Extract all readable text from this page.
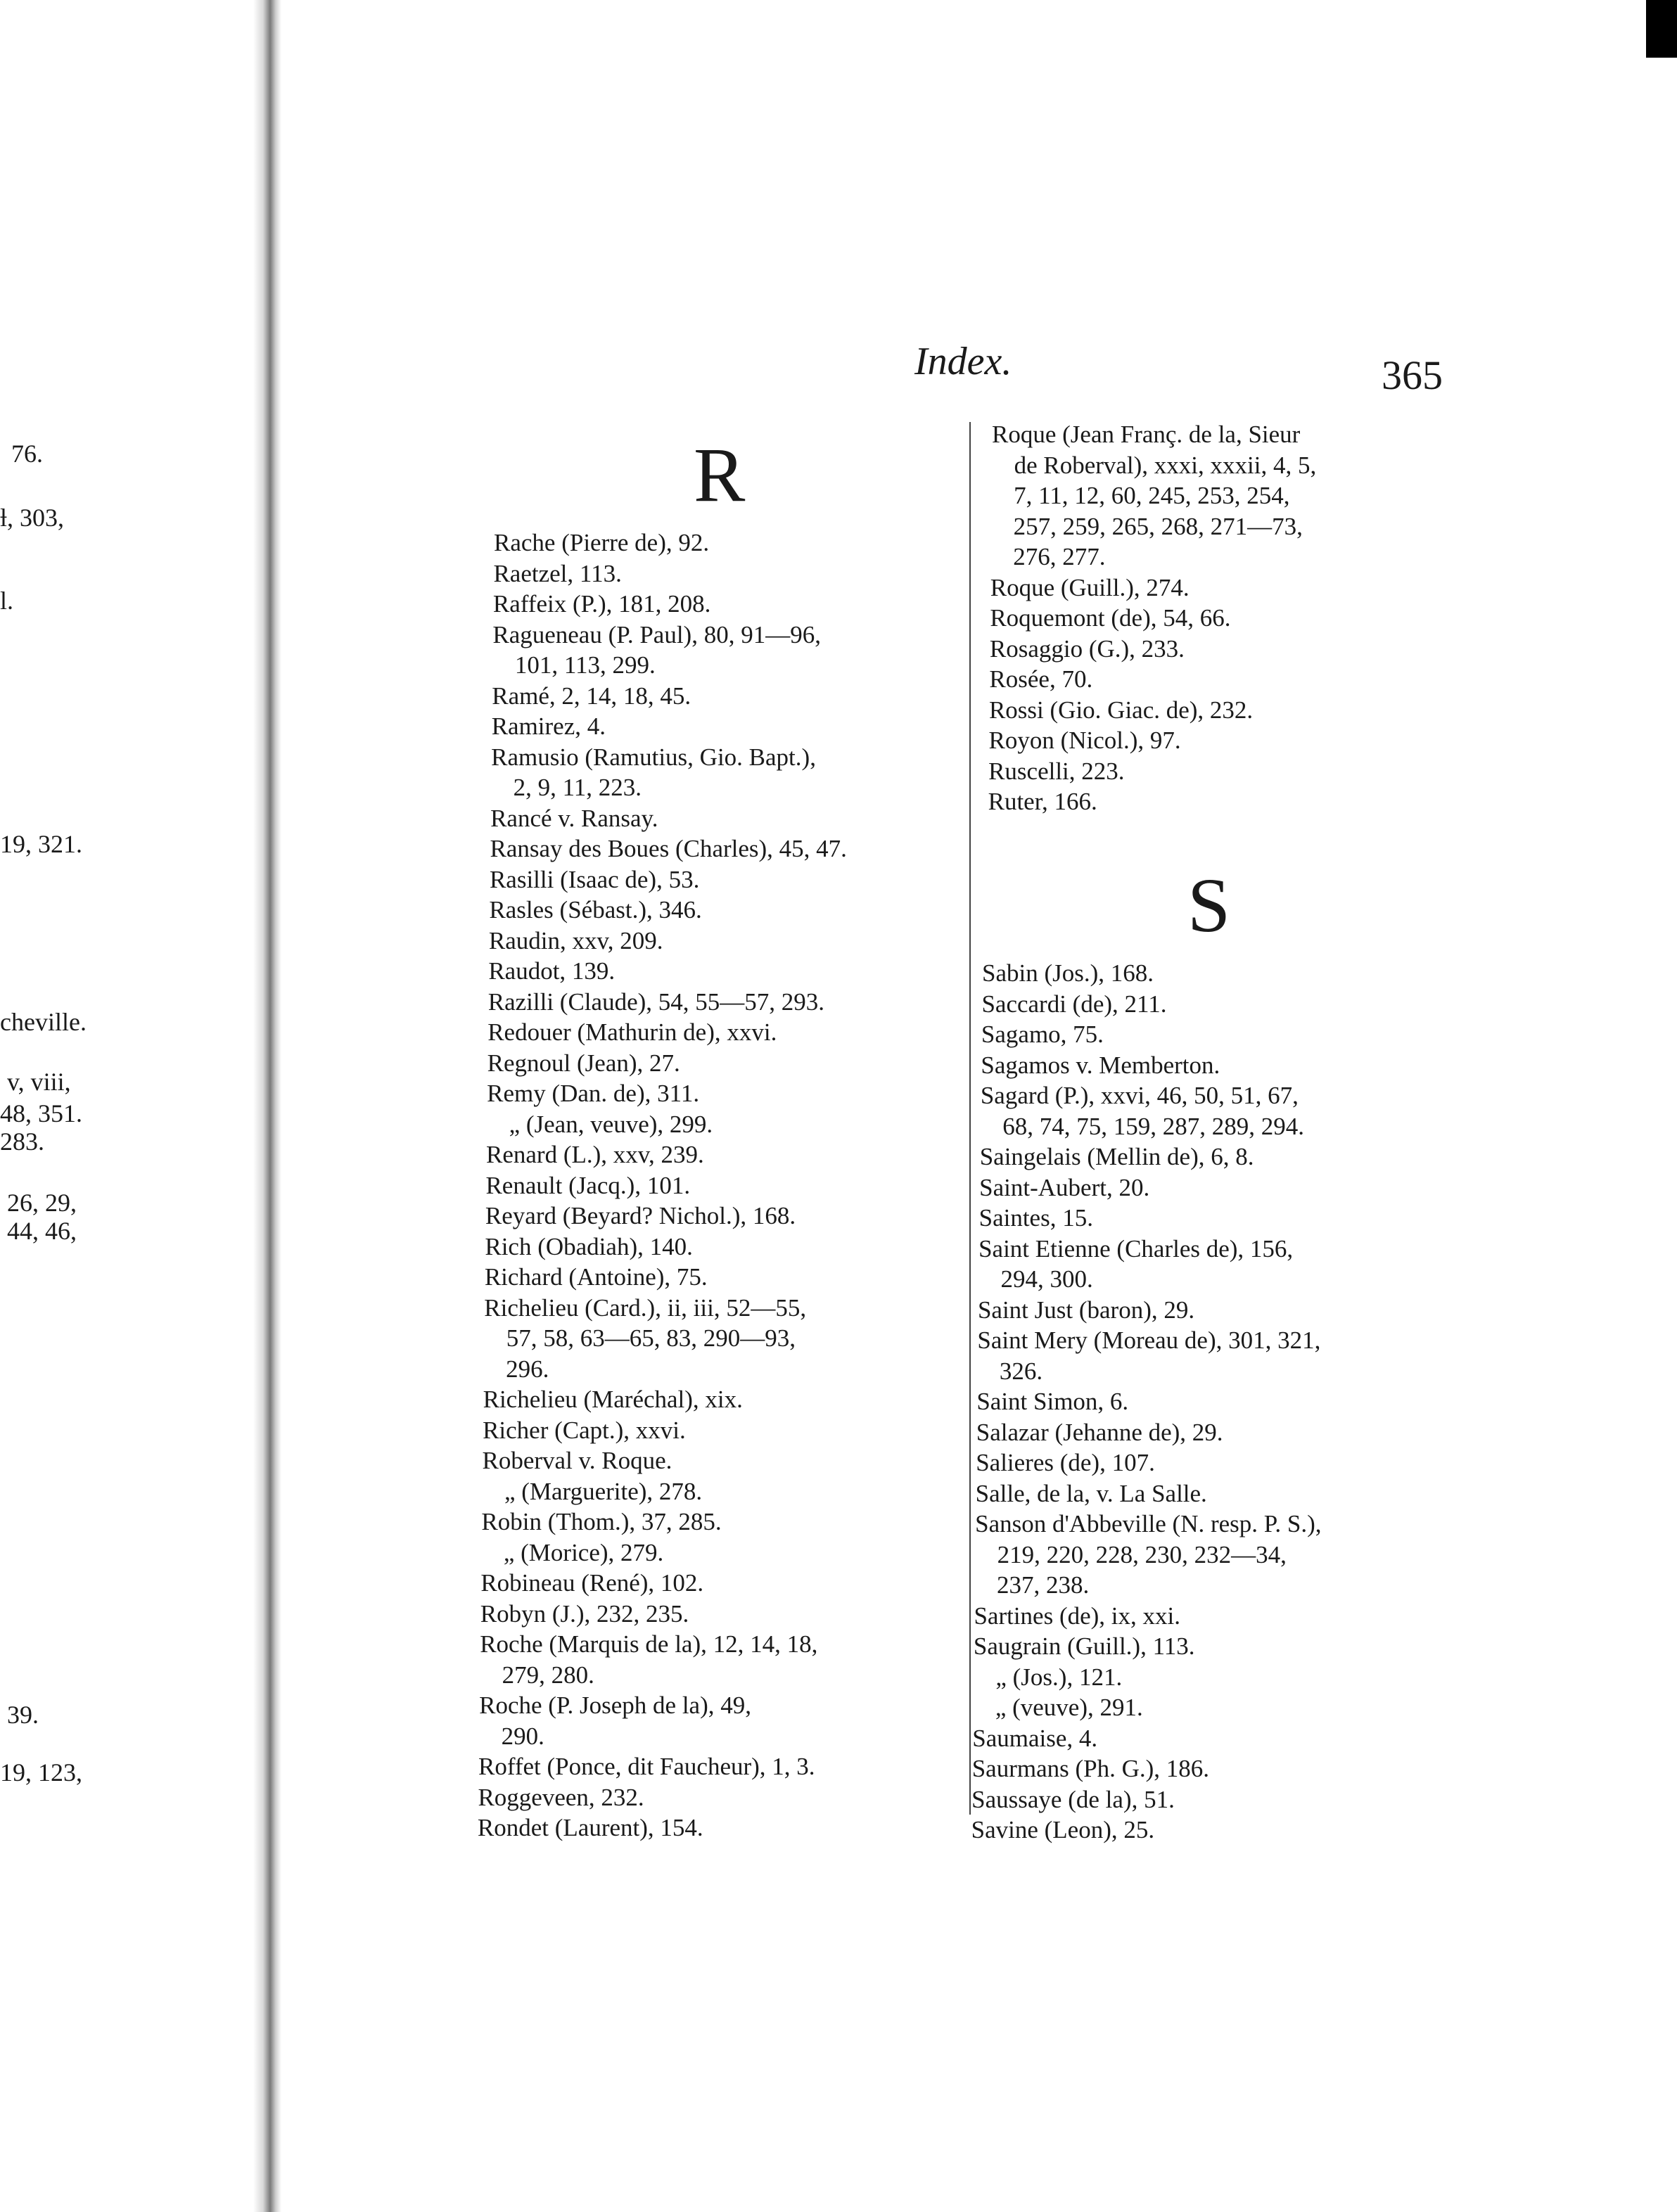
76.
ƚ, 303,
l.
19, 321.
cheville.
v, viii,
48, 351.
283.
26, 29,
44, 46,
39.
19, 123,
Index.	365
R
Rache (Pierre de), 92.
Raetzel, 113.
Raffeix (P.), 181, 208.
Ragueneau (P. Paul), 80, 91—96,
101, 113, 299.
Ramé, 2, 14, 18, 45.
Ramirez, 4.
Ramusio (Ramutius, Gio. Bapt.),
2, 9, 11, 223.
Rancé v. Ransay.
Ransay des Boues (Charles), 45, 47.
Rasilli (Isaac de), 53.
Rasles (Sébast.), 346.
Raudin, xxv, 209.
Raudot, 139.
Razilli (Claude), 54, 55—57, 293.
Redouer (Mathurin de), xxvi.
Regnoul (Jean), 27.
Remy (Dan. de), 311.
„ (Jean, veuve), 299.
Renard (L.), xxv, 239.
Renault (Jacq.), 101.
Reyard (Beyard? Nichol.), 168.
Rich (Obadiah), 140.
Richard (Antoine), 75.
Richelieu (Card.), ii, iii, 52—55,
57, 58, 63—65, 83, 290—93,
296.
Richelieu (Maréchal), xix.
Richer (Capt.), xxvi.
Roberval v. Roque.
„ (Marguerite), 278.
Robin (Thom.), 37, 285.
„ (Morice), 279.
Robineau (René), 102.
Robyn (J.), 232, 235.
Roche (Marquis de la), 12, 14, 18,
279, 280.
Roche (P. Joseph de la), 49,
290.
Roffet (Ponce, dit Faucheur), 1, 3.
Roggeveen, 232.
Rondet (Laurent), 154.
Roque (Jean Franç. de la, Sieur
de Roberval), xxxi, xxxii, 4, 5,
7, 11, 12, 60, 245, 253, 254,
257, 259, 265, 268, 271—73,
276, 277.
Roque (Guill.), 274.
Roquemont (de), 54, 66.
Rosaggio (G.), 233.
Rosée, 70.
Rossi (Gio. Giac. de), 232.
Royon (Nicol.), 97.
Ruscelli, 223.
Ruter, 166.
S
Sabin (Jos.), 168.
Saccardi (de), 211.
Sagamo, 75.
Sagamos v. Memberton.
Sagard (P.), xxvi, 46, 50, 51, 67,
68, 74, 75, 159, 287, 289, 294.
Saingelais (Mellin de), 6, 8.
Saint-Aubert, 20.
Saintes, 15.
Saint Etienne (Charles de), 156,
294, 300.
Saint Just (baron), 29.
Saint Mery (Moreau de), 301, 321,
326.
Saint Simon, 6.
Salazar (Jehanne de), 29.
Salieres (de), 107.
Salle, de la, v. La Salle.
Sanson d'Abbeville (N. resp. P. S.),
219, 220, 228, 230, 232—34,
237, 238.
Sartines (de), ix, xxi.
Saugrain (Guill.), 113.
„ (Jos.), 121.
„ (veuve), 291.
Saumaise, 4.
Saurmans (Ph. G.), 186.
Saussaye (de la), 51.
Savine (Leon), 25.
